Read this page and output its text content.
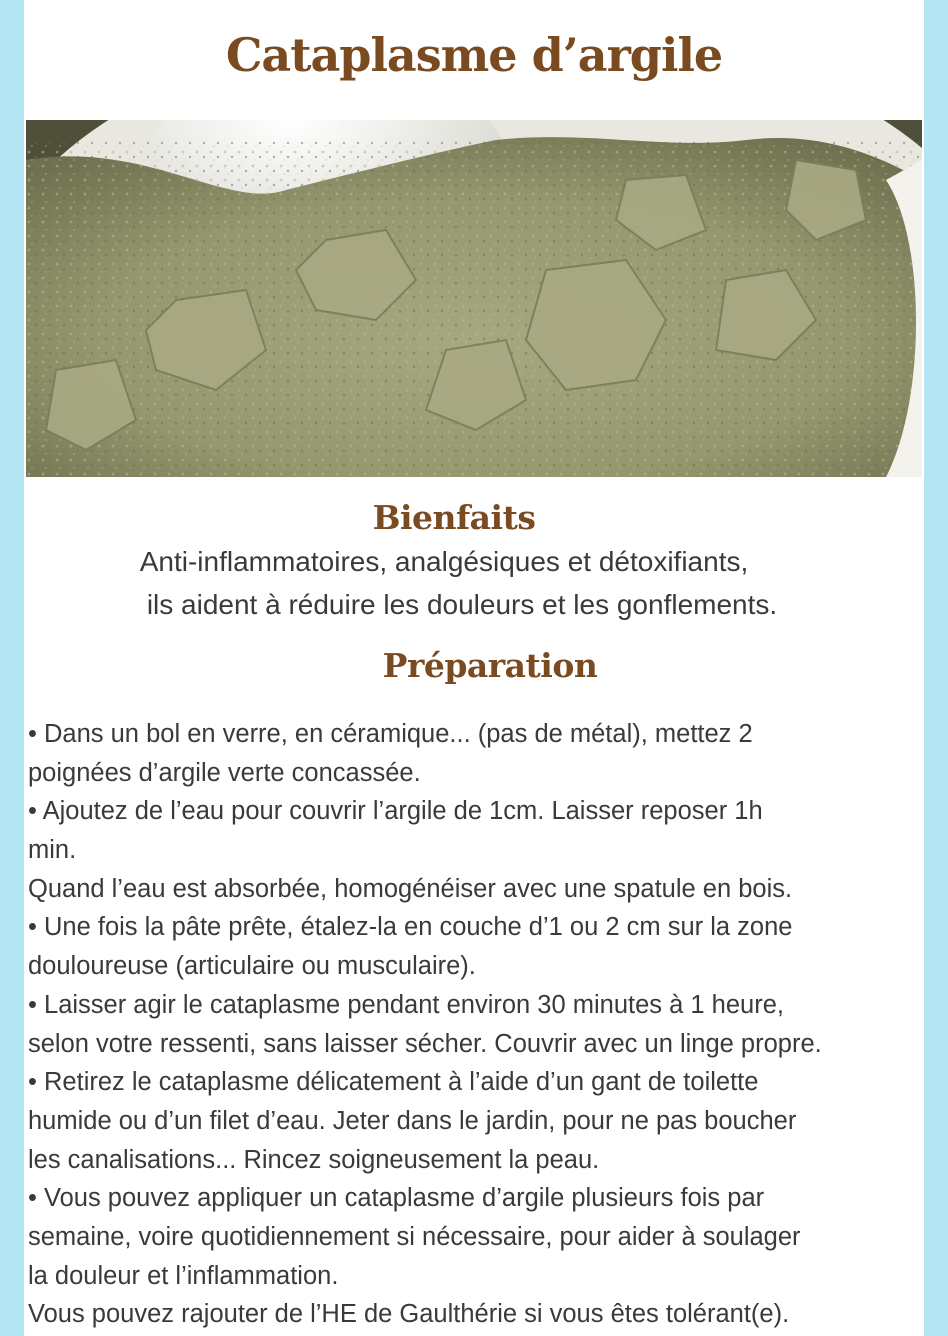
Cataplasme d’argile
Bienfaits
Anti-inflammatoires, analgésiques et détoxifiants,
ils aident à réduire les douleurs et les gonflements.
Préparation
• Dans un bol en verre, en céramique... (pas de métal), mettez 2
poignées d’argile verte concassée.
• Ajoutez de l’eau pour couvrir l’argile de 1cm. Laisser reposer 1h
min.
Quand l’eau est absorbée, homogénéiser avec une spatule en bois.
• Une fois la pâte prête, étalez-la en couche d’1 ou 2 cm sur la zone
douloureuse (articulaire ou musculaire).
• Laisser agir le cataplasme pendant environ 30 minutes à 1 heure,
selon votre ressenti, sans laisser sécher. Couvrir avec un linge propre.
• Retirez le cataplasme délicatement à l’aide d’un gant de toilette
humide ou d’un filet d’eau. Jeter dans le jardin, pour ne pas boucher
les canalisations... Rincez soigneusement la peau.
• Vous pouvez appliquer un cataplasme d’argile plusieurs fois par
semaine, voire quotidiennement si nécessaire, pour aider à soulager
la douleur et l’inflammation.
Vous pouvez rajouter de l’HE de Gaulthérie si vous êtes tolérant(e).
